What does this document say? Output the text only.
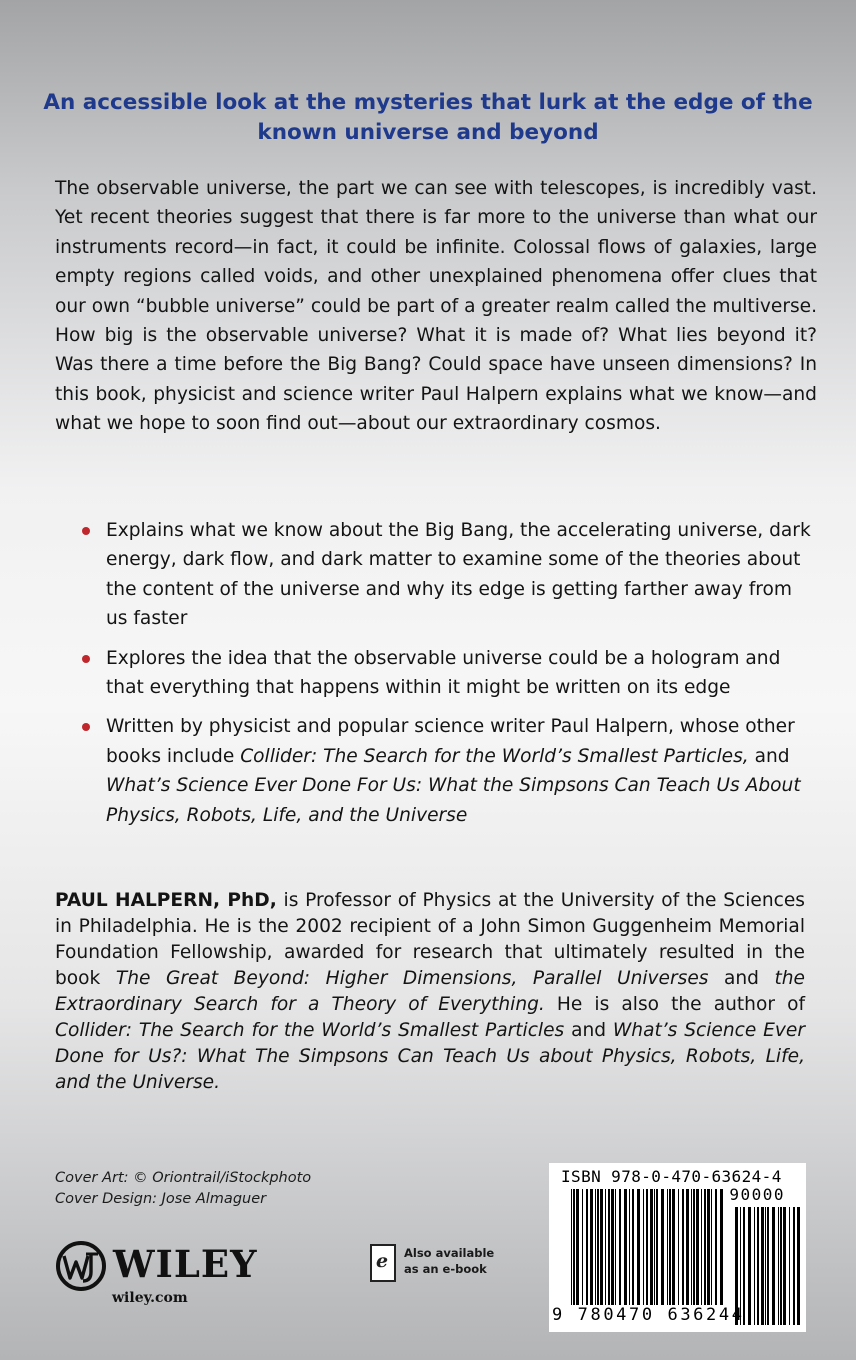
An accessible look at the mysteries that lurk at the edge of the known universe and beyond

The observable universe, the part we can see with telescopes, is incredibly vast. Yet recent theories suggest that there is far more to the universe than what our instruments record—in fact, it could be infinite. Colossal flows of galaxies, large empty regions called voids, and other unexplained phenomena offer clues that our own “bubble universe” could be part of a greater realm called the multiverse. How big is the observable universe? What it is made of? What lies beyond it? Was there a time before the Big Bang? Could space have unseen dimensions? In this book, physicist and science writer Paul Halpern explains what we know—and what we hope to soon find out—about our extraordinary cosmos.

Explains what we know about the Big Bang, the accelerating universe, dark energy, dark flow, and dark matter to examine some of the theories about the content of the universe and why its edge is getting farther away from us faster
Explores the idea that the observable universe could be a hologram and that everything that happens within it might be written on its edge
Written by physicist and popular science writer Paul Halpern, whose other books include Collider: The Search for the World’s Smallest Particles, and What’s Science Ever Done For Us: What the Simpsons Can Teach Us About Physics, Robots, Life, and the Universe

PAUL HALPERN, PhD, is Professor of Physics at the University of the Sciences in Philadelphia. He is the 2002 recipient of a John Simon Guggenheim Memorial Foundation Fellowship, awarded for research that ultimately resulted in the book The Great Beyond: Higher Dimensions, Parallel Universes and the Extraordinary Search for a Theory of Everything. He is also the author of Collider: The Search for the World’s Smallest Particles and What’s Science Ever Done for Us?: What The Simpsons Can Teach Us about Physics, Robots, Life, and the Universe.

Cover Art: © Oriontrail/iStockphoto
Cover Design: Jose Almaguer
WILEY
wiley.com
e Also available
as an e-book
ISBN 978-0-470-63624-4
90000
9 780470 636244
